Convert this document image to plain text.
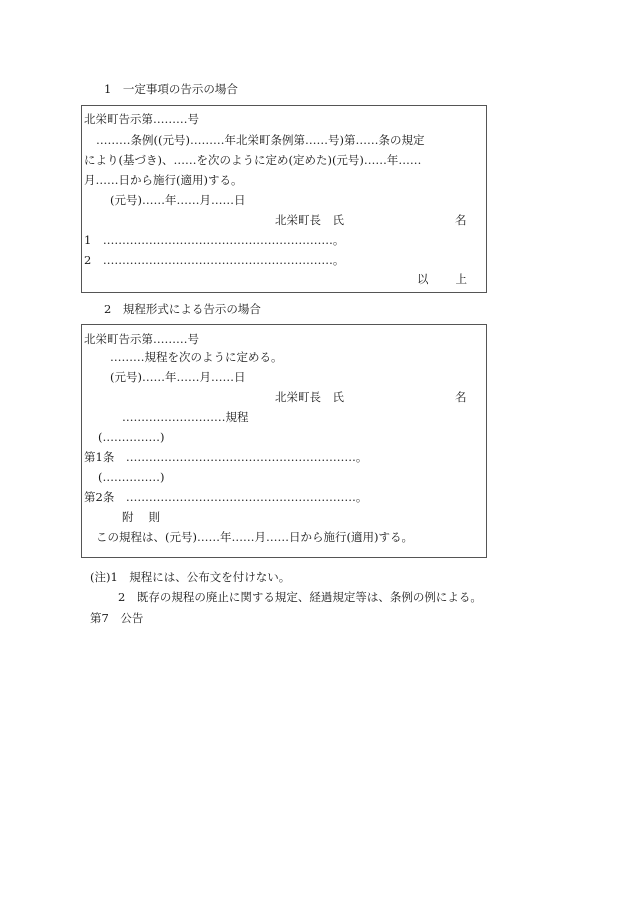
1　一定事項の告示の場合
北栄町告示第………号
………条例((元号)………年北栄町条例第……号)第……条の規定
により(基づき)、……を次のように定め(定めた)(元号)……年……
月……日から施行(適用)する。
(元号)……年……月……日
北栄町長　氏	名
1　……………………………………………………。
2　……………………………………………………。
以 上
2　規程形式による告示の場合
北栄町告示第………号
………規程を次のように定める。
(元号)……年……月……日
北栄町長　氏	名
………………………規程
(……………)
第1条　……………………………………………………。
(……………)
第2条　……………………………………………………。
附 則
この規程は、(元号)……年……月……日から施行(適用)する。
(注)1　規程には、公布文を付けない。
2　既存の規程の廃止に関する規定、経過規定等は、条例の例による。
第7　公告
